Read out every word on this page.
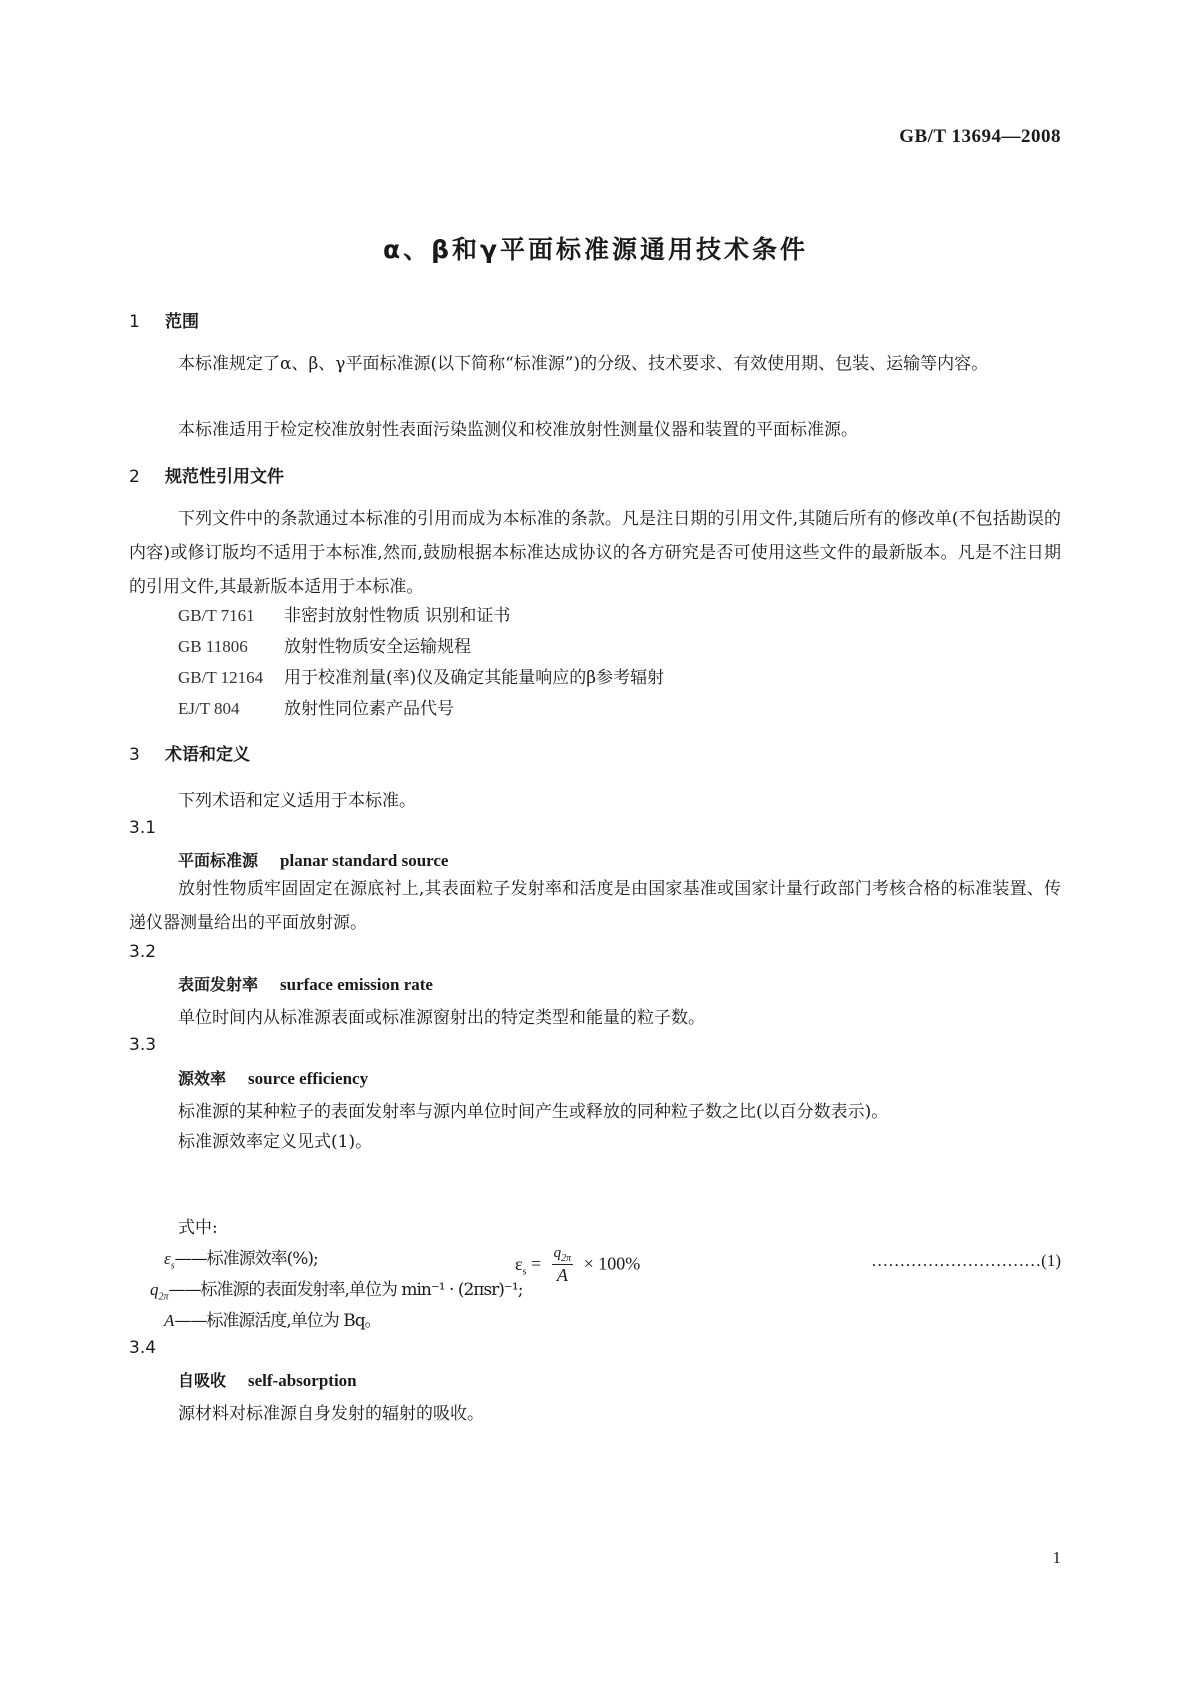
GB/T 13694—2008
α、β和γ平面标准源通用技术条件
1 范围
本标准规定了α、β、γ平面标准源(以下简称“标准源”)的分级、技术要求、有效使用期、包装、运输等内容。
本标准适用于检定校准放射性表面污染监测仪和校准放射性测量仪器和装置的平面标准源。
2 规范性引用文件
下列文件中的条款通过本标准的引用而成为本标准的条款。凡是注日期的引用文件,其随后所有的修改单(不包括勘误的内容)或修订版均不适用于本标准,然而,鼓励根据本标准达成协议的各方研究是否可使用这些文件的最新版本。凡是不注日期的引用文件,其最新版本适用于本标准。
GB/T 7161 非密封放射性物质 识别和证书
GB 11806 放射性物质安全运输规程
GB/T 12164 用于校准剂量(率)仪及确定其能量响应的β参考辐射
EJ/T 804	放射性同位素产品代号
3 术语和定义
下列术语和定义适用于本标准。
3.1
平面标准源 planar standard source
放射性物质牢固固定在源底衬上,其表面粒子发射率和活度是由国家基准或国家计量行政部门考核合格的标准装置、传递仪器测量给出的平面放射源。
3.2
表面发射率 surface emission rate
单位时间内从标准源表面或标准源窗射出的特定类型和能量的粒子数。
3.3
源效率 source efficiency
标准源的某种粒子的表面发射率与源内单位时间产生或释放的同种粒子数之比(以百分数表示)。
标准源效率定义见式(1)。
$\varepsilon_s = \frac{q_{2\pi}}{A} \times 100\%$	…………………………(1)
式中:
$\varepsilon_s——$标准源效率(%);
$q_{2\pi}——$标准源的表面发射率,单位为 min⁻¹ · (2πsr)⁻¹;
A——标准源活度,单位为 Bq。
3.4
自吸收 self-absorption
源材料对标准源自身发射的辐射的吸收。
1
